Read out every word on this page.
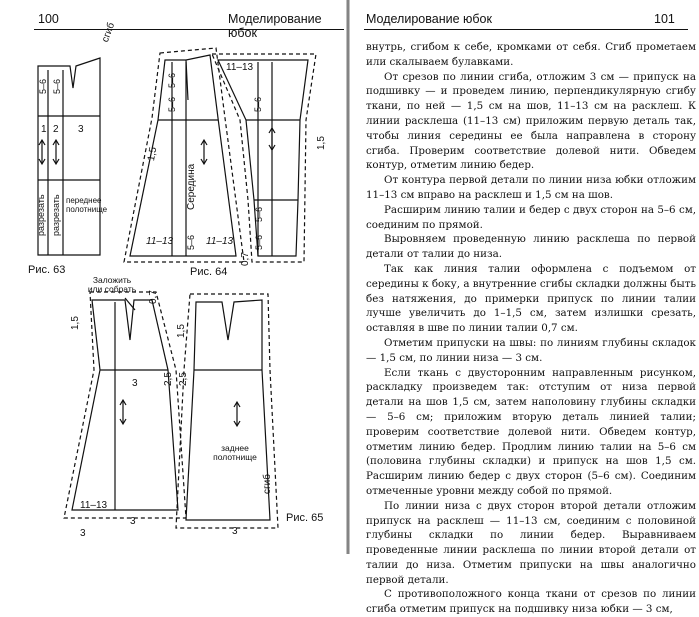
100	Моделирование юбок
сгиб
5–6 5–6
1 2 3
разрезать разрезать переднее полотнище
Рис. 63
5–6
5–6	5–6
11–13
Середина
11–13	11–13
5–6	5–6
5–6
1,5
1,5
0,7
Рис. 64
Заложить или собрать
0,7
1,5
1,5
2,5 2,5
3
11–13
3
3
3
заднее полотнище
сгиб
Рис. 65
Моделирование юбок	101

внутрь, сгибом к себе, кромками от себя. Сгиб прометаем или скалываем булавками.

От срезов по линии сгиба, отложим 3 см — припуск на подшивку — и проведем линию, перпендикулярную сгибу ткани, по ней — 1,5 см на шов, 11–13 см на расклеш. К линии расклеша (11–13 см) приложим первую деталь так, чтобы линия середины ее была направлена в сторону сгиба. Проверим соответствие долевой нити. Обведем контур, отметим линию бедер.

От контура первой детали по линии низа юбки отложим 11–13 см вправо на расклеш и 1,5 см на шов.

Расширим линию талии и бедер с двух сторон на 5–6 см, соединим по прямой.

Выровняем проведенную линию расклеша по первой детали от талии до низа.

Так как линия талии оформлена с подъемом от середины к боку, а внутренние сгибы складки должны быть без натяжения, до примерки припуск по линии талии лучше увеличить до 1–1,5 см, затем излишки срезать, оставляя в шве по линии талии 0,7 см.

Отметим припуски на швы: по линиям глубины складок — 1,5 см, по линии низа — 3 см.

Если ткань с двусторонним направленным рисунком, раскладку произведем так: отступим от низа первой детали на шов 1,5 см, затем наполовину глубины складки — 5–6 см; приложим вторую деталь линией талии; проверим соответствие долевой нити. Обведем контур, отметим линию бедер. Продлим линию талии на 5–6 см (половина глубины складки) и припуск на шов 1,5 см. Расширим линию бедер с двух сторон (5–6 см). Соединим отмеченные уровни между собой по прямой.

По линии низа с двух сторон второй детали отложим припуск на расклеш — 11–13 см, соединим с половиной глубины складки по линии бедер. Выравниваем проведенные линии расклеша по линии второй детали от талии до низа. Отметим припуски на швы аналогично первой детали.

С противоположного конца ткани от срезов по линии сгиба отметим припуск на подшивку низа юбки — 3 см,
